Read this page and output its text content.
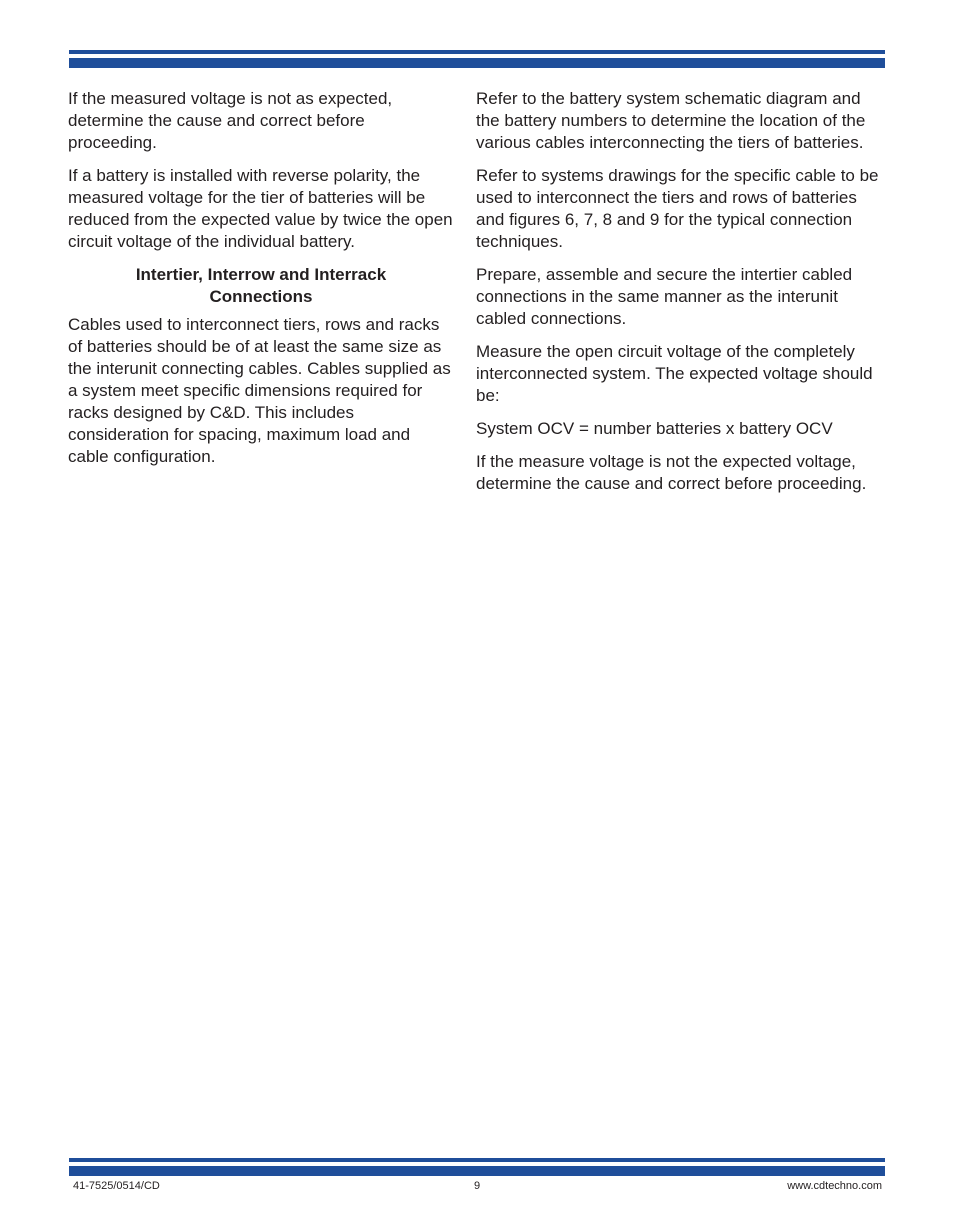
If the measured voltage is not as expected, determine the cause and correct before proceeding.

If a battery is installed with reverse polarity, the measured voltage for the tier of batteries will be reduced from the expected value by twice the open circuit voltage of the individual battery.

Intertier, Interrow and Interrack Connections

Cables used to interconnect tiers, rows and racks of batteries should be of at least the same size as the interunit connecting cables. Cables supplied as a system meet specific dimensions required for racks designed by C&D. This includes consideration for spacing, maximum load and cable configuration.

Refer to the battery system schematic diagram and the battery numbers to determine the location of the various cables interconnecting the tiers of batteries.

Refer to systems drawings for the specific cable to be used to interconnect the tiers and rows of batteries and figures 6, 7, 8 and 9 for the typical connection techniques.

Prepare, assemble and secure the intertier cabled connections in the same manner as the interunit cabled connections.

Measure the open circuit voltage of the completely interconnected system. The expected voltage should be:

System OCV = number batteries x battery OCV

If the measure voltage is not the expected voltage, determine the cause and correct before proceeding.

41-7525/0514/CD	9	www.cdtechno.com
